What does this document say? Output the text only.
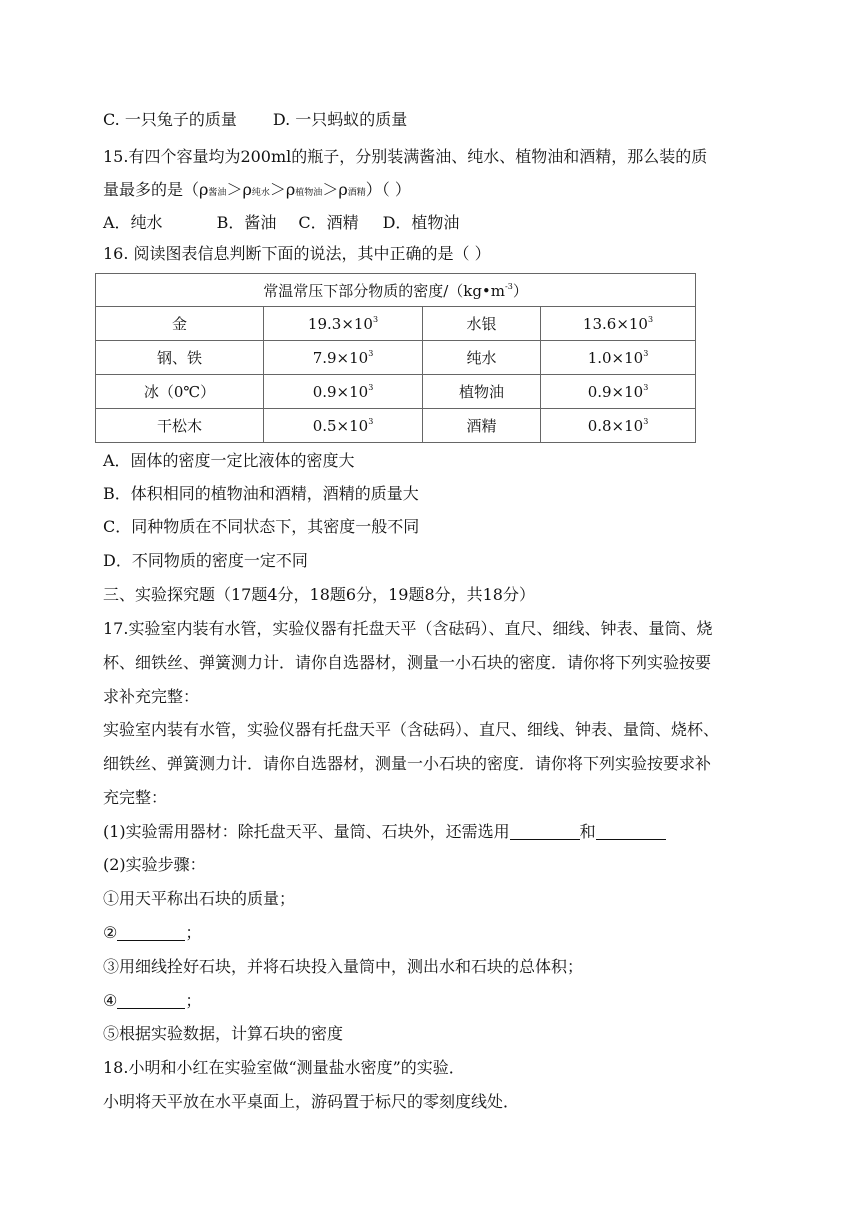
C. 一只兔子的质量 D. 一只蚂蚁的质量
15.有四个容量均为200ml的瓶子，分别装满酱油、纯水、植物油和酒精，那么装的质
量最多的是（ρ酱油＞ρ纯水＞ρ植物油＞ρ酒精）（ ）
A．纯水	B．酱油 C．酒精 D．植物油
16. 阅读图表信息判断下面的说法，其中正确的是（ ）
常温常压下部分物质的密度$/(kg•m^{-3})$			
金	$19.3\times 10^3$	水银	$13.6\times 10^3$
钢、铁	$7.9\times 10^3$	纯水	$1.0\times 10^3$
冰（0℃）	$0.9\times 10^3$	植物油	$0.9\times 10^3$
干松木	$0.5\times 10^3$	酒精	$0.8\times 10^3$
A．固体的密度一定比液体的密度大
B．体积相同的植物油和酒精，酒精的质量大
C．同种物质在不同状态下，其密度一般不同
D．不同物质的密度一定不同
三、实验探究题（17题4分，18题6分，19题8分，共18分）
17.实验室内装有水管，实验仪器有托盘天平（含砝码）、直尺、细线、钟表、量筒、烧
杯、细铁丝、弹簧测力计．请你自选器材，测量一小石块的密度．请你将下列实验按要
求补充完整：
实验室内装有水管，实验仪器有托盘天平（含砝码）、直尺、细线、钟表、量筒、烧杯、
细铁丝、弹簧测力计．请你自选器材，测量一小石块的密度．请你将下列实验按要求补
充完整：
(1)实验需用器材：除托盘天平、量筒、石块外，还需选用	和
(2)实验步骤：
①用天平称出石块的质量；
②	；
③用细线拴好石块，并将石块投入量筒中，测出水和石块的总体积；
④	；
⑤根据实验数据，计算石块的密度
18.小明和小红在实验室做“测量盐水密度”的实验．
小明将天平放在水平桌面上，游码置于标尺的零刻度线处．
